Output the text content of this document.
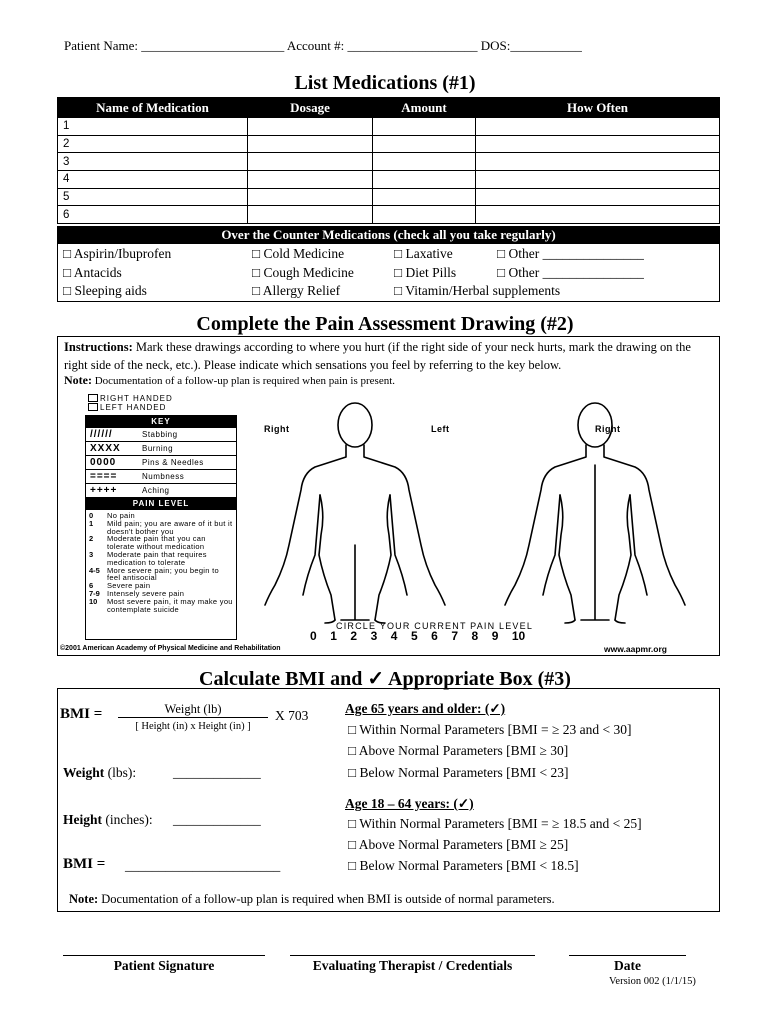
Patient Name: ______________________ Account #: ____________________ DOS:___________
List Medications (#1)
Name of Medication	Dosage	Amount	How Often
1			
2			
3			
4			
5			
6			
Over the Counter Medications (check all you take regularly)
□ Aspirin/Ibuprofen	□ Cold Medicine	□ Laxative	□ Other _______________
□ Antacids	□ Cough Medicine	□ Diet Pills	□ Other _______________
□ Sleeping aids	□ Allergy Relief	□ Vitamin/Herbal supplements
Complete the Pain Assessment Drawing (#2)
Instructions: Mark these drawings according to where you hurt (if the right side of your neck hurts, mark the drawing on the right side of the neck, etc.). Please indicate which sensations you feel by referring to the key below.
Note: Documentation of a follow-up plan is required when pain is present.
RIGHT HANDED
LEFT HANDED
KEY
//////	Stabbing
XXXX	Burning
0000	Pins & Needles
====	Numbness
++++	Aching
PAIN LEVEL
0	No pain
1	Mild pain; you are aware of it but it doesn't bother you
2	Moderate pain that you can tolerate without medication
3	Moderate pain that requires medication to tolerate
4-5 More severe pain; you begin to feel antisocial
6	Severe pain
7-9 Intensely severe pain
10	Most severe pain, it may make you contemplate suicide
Right	Left	Right
CIRCLE YOUR CURRENT PAIN LEVEL
0 1 2 3 4 5 6 7 8 9 10
©2001 American Academy of Physical Medicine and Rehabilitation	www.aapmr.org
Calculate BMI and ✓ Appropriate Box (#3)
BMI =	Weight (lb)
[ Height (in) x Height (in) ]
X 703
Weight (lbs):	_____________
Height (inches): _____________
BMI = _______________________
Age 65 years and older: (✓)
□ Within Normal Parameters [BMI = ≥ 23 and < 30]
□ Above Normal Parameters [BMI ≥ 30]
□ Below Normal Parameters [BMI < 23]
Age 18 – 64 years: (✓)
□ Within Normal Parameters [BMI = ≥ 18.5 and < 25]
□ Above Normal Parameters [BMI ≥ 25]
□ Below Normal Parameters [BMI < 18.5]
Note: Documentation of a follow-up plan is required when BMI is outside of normal parameters.
Patient Signature	Evaluating Therapist / Credentials	Date
Version 002 (1/1/15)
